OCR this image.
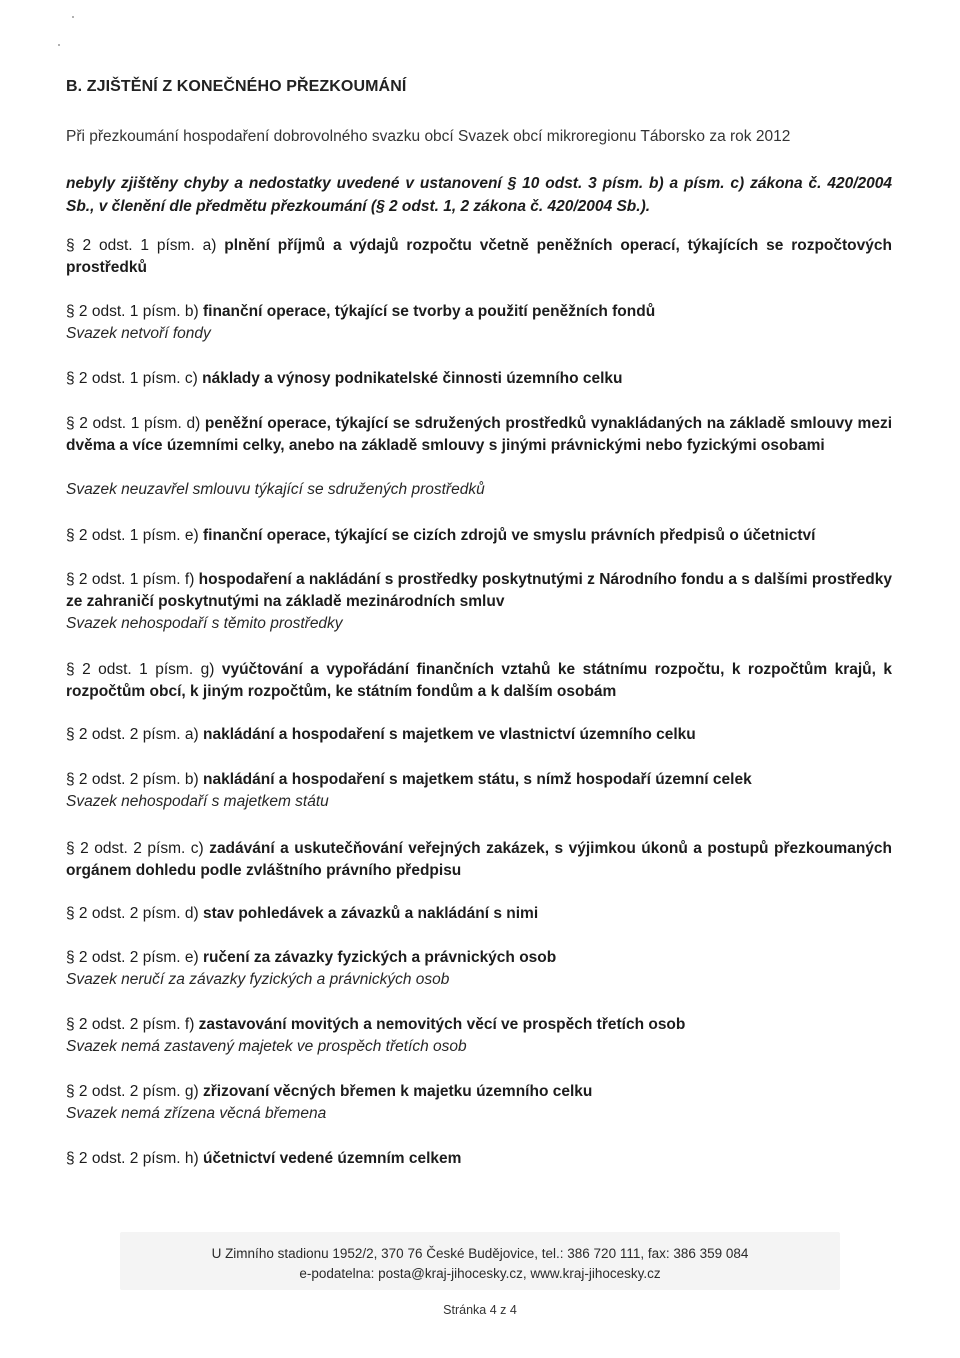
B. ZJIŠTĚNÍ Z KONEČNÉHO PŘEZKOUMÁNÍ

Při přezkoumání hospodaření dobrovolného svazku obcí Svazek obcí mikroregionu Táborsko za rok 2012

nebyly zjištěny chyby a nedostatky uvedené v ustanovení § 10 odst. 3 písm. b) a písm. c) zákona č. 420/2004 Sb., v členění dle předmětu přezkoumání (§ 2 odst. 1, 2 zákona č. 420/2004 Sb.).

§ 2 odst. 1 písm. a) plnění příjmů a výdajů rozpočtu včetně peněžních operací, týkajících se rozpočtových prostředků

§ 2 odst. 1 písm. b) finanční operace, týkající se tvorby a použití peněžních fondů

Svazek netvoří fondy

§ 2 odst. 1 písm. c) náklady a výnosy podnikatelské činnosti územního celku

§ 2 odst. 1 písm. d) peněžní operace, týkající se sdružených prostředků vynakládaných na základě smlouvy mezi dvěma a více územními celky, anebo na základě smlouvy s jinými právnickými nebo fyzickými osobami

Svazek neuzavřel smlouvu týkající se sdružených prostředků

§ 2 odst. 1 písm. e) finanční operace, týkající se cizích zdrojů ve smyslu právních předpisů o účetnictví

§ 2 odst. 1 písm. f) hospodaření a nakládání s prostředky poskytnutými z Národního fondu a s dalšími prostředky ze zahraničí poskytnutými na základě mezinárodních smluv

Svazek nehospodaří s těmito prostředky

§ 2 odst. 1 písm. g) vyúčtování a vypořádání finančních vztahů ke státnímu rozpočtu, k rozpočtům krajů, k rozpočtům obcí, k jiným rozpočtům, ke státním fondům a k dalším osobám

§ 2 odst. 2 písm. a) nakládání a hospodaření s majetkem ve vlastnictví územního celku

§ 2 odst. 2 písm. b) nakládání a hospodaření s majetkem státu, s nímž hospodaří územní celek

Svazek nehospodaří s majetkem státu

§ 2 odst. 2 písm. c) zadávání a uskutečňování veřejných zakázek, s výjimkou úkonů a postupů přezkoumaných orgánem dohledu podle zvláštního právního předpisu

§ 2 odst. 2 písm. d) stav pohledávek a závazků a nakládání s nimi

§ 2 odst. 2 písm. e) ručení za závazky fyzických a právnických osob

Svazek neručí za závazky fyzických a právnických osob

§ 2 odst. 2 písm. f) zastavování movitých a nemovitých věcí ve prospěch třetích osob

Svazek nemá zastavený majetek ve prospěch třetích osob

§ 2 odst. 2 písm. g) zřizovaní věcných břemen k majetku územního celku

Svazek nemá zřízena věcná břemena

§ 2 odst. 2 písm. h) účetnictví vedené územním celkem

U Zimního stadionu 1952/2, 370 76 České Budějovice, tel.: 386 720 111, fax: 386 359 084
e-podatelna: posta@kraj-jihocesky.cz, www.kraj-jihocesky.cz
Stránka 4 z 4
